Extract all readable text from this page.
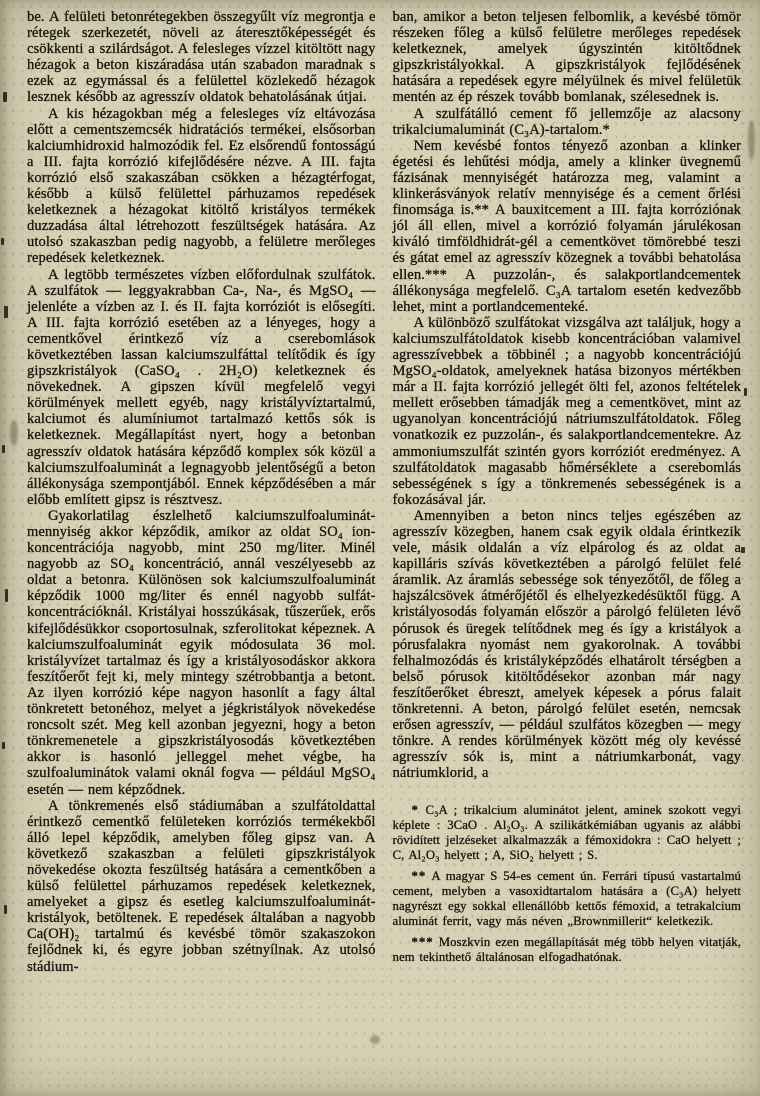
be. A felületi betonrétegekben összegyűlt víz megrontja e rétegek szerkezetét, növeli az áteresztőképességét és csökkenti a szilárdságot. A felesleges vízzel kitöltött nagy hézagok a beton kiszáradása után szabadon maradnak s ezek az egymással és a felülettel közlekedő hézagok lesznek később az agresszív oldatok behatolásának útjai.

A kis hézagokban még a felesleges víz eltávozása előtt a cementszemcsék hidratációs termékei, elsősorban kalciumhidroxid halmozódik fel. Ez elsőrendű fontosságú a III. fajta korrózió kifejlődésére nézve. A III. fajta korrózió első szakaszában csökken a hézagtérfogat, később a külső felülettel párhuzamos repedések keletkeznek a hézagokat kitöltő kristályos termékek duzzadása által létrehozott feszültségek hatására. Az utolsó szakaszban pedig nagyobb, a felületre merőleges repedések keletkeznek.

A legtöbb természetes vízben előfordulnak szulfátok. A szulfátok — leggyakrabban Ca-, Na-, és MgSO₄ — jelenléte a vízben az I. és II. fajta korróziót is elősegíti. A III. fajta korrózió esetében az a lényeges, hogy a cementkővel érintkező víz a cserebomlások következtében lassan kalciumszulfáttal telítődik és így gipszkristályok (CaSO₄ . 2H₂O) keletkeznek és növekednek. A gipszen kívül megfelelő vegyi körülmények mellett egyéb, nagy kristályvíztartalmú, kalciumot és alumíniumot tartalmazó kettős sók is keletkeznek. Megállapítást nyert, hogy a betonban agresszív oldatok hatására képződő komplex sók közül a kalciumszulfoaluminát a legnagyobb jelentőségű a beton állékonysága szempontjából. Ennek képződésében a már előbb említett gipsz is résztvesz.

Gyakorlatilag észlelhető kalciumszulfoaluminát-mennyiség akkor képződik, amikor az oldat SO₄ ion-koncentrációja nagyobb, mint 250 mg/liter. Minél nagyobb az SO₄ koncentráció, annál veszélyesebb az oldat a betonra. Különösen sok kalciumszulfoaluminát képződik 1000 mg/liter és ennél nagyobb sulfát-koncentrációknál. Kristályai hosszúkásak, tűszerűek, erős kifejlődésükkor csoportosulnak, szferolitokat képeznek. A kalciumszulfoaluminát egyik módosulata 36 mol. kristályvízet tartalmaz és így a kristályosodáskor akkora feszítőerőt fejt ki, mely mintegy szétrobbantja a betont. Az ilyen korrózió képe nagyon hasonlít a fagy által tönkretett betonéhoz, melyet a jégkristályok növekedése roncsolt szét. Meg kell azonban jegyezni, hogy a beton tönkremenetele a gipszkristályosodás következtében akkor is hasonló jelleggel mehet végbe, ha szulfoaluminátok valami oknál fogva — például MgSO₄ esetén — nem képződnek.

A tönkremenés első stádiumában a szulfátoldattal érintkező cementkő felületeken korróziós termékekből álló lepel képződik, amelyben főleg gipsz van. A következő szakaszban a felületi gipszkristályok növekedése okozta feszültség hatására a cementkőben a külső felülettel párhuzamos repedések keletkeznek, amelyeket a gipsz és esetleg kalciumszulfoaluminát-kristályok, betöltenek. E repedések általában a nagyobb Ca(OH)₂ tartalmú és kevésbé tömör szakaszokon fejlődnek ki, és egyre jobban szétnyílnak. Az utolsó stádium-

ban, amikor a beton teljesen felbomlik, a kevésbé tömör részeken főleg a külső felületre merőleges repedések keletkeznek, amelyek úgyszintén kitöltődnek gipszkristályokkal. A gipszkristályok fejlődésének hatására a repedések egyre mélyülnek és mivel felületük mentén az ép részek tovább bomlanak, szélesednek is.

A szulfátálló cement fő jellemzője az alacsony trikalciumaluminát (C₃A)-tartalom.*

Nem kevésbé fontos tényező azonban a klinker égetési és lehűtési módja, amely a klinker üvegnemű fázisának mennyiségét határozza meg, valamint a klinkerásványok relatív mennyisége és a cement őrlési finomsága is.** A bauxitcement a III. fajta korróziónak jól áll ellen, mivel a korrózió folyamán járulékosan kiváló timföldhidrát-gél a cementkövet tömörebbé teszi és gátat emel az agresszív közegnek a további behatolása ellen.*** A puzzolán-, és salakportlandcementek állékonysága megfelelő. C₃A tartalom esetén kedvezőbb lehet, mint a portlandcementeké.

A különböző szulfátokat vizsgálva azt találjuk, hogy a kalciumszulfátoldatok kisebb koncentrációban valamivel agresszívebbek a többinél ; a nagyobb koncentrációjú MgSO₄-oldatok, amelyeknek hatása bizonyos mértékben már a II. fajta korrózió jellegét ölti fel, azonos feltételek mellett erősebben támadják meg a cementkövet, mint az ugyanolyan koncentrációjú nátriumszulfátoldatok. Főleg vonatkozik ez puzzolán-, és salakportlandcementekre. Az ammoniumszulfát szintén gyors korróziót eredményez. A szulfátoldatok magasabb hőmérséklete a cserebomlás sebességének s így a tönkremenés sebességének is a fokozásával jár.

Amennyiben a beton nincs teljes egészében az agresszív közegben, hanem csak egyik oldala érintkezik vele, másik oldalán a víz elpárolog és az oldat a kapilláris szívás következtében a párolgó felület felé áramlik. Az áramlás sebessége sok tényezőtől, de főleg a hajszálcsövek átmérőjétől és elhelyezkedésüktől függ. A kristályosodás folyamán először a párolgó felületen lévő pórusok és üregek telítődnek meg és így a kristályok a pórusfalakra nyomást nem gyakorolnak. A további felhalmozódás és kristályképződés elhatárolt térségben a belső pórusok kitöltődésekor azonban már nagy feszítőerőket ébreszt, amelyek képesek a pórus falait tönkretenni. A beton, párolgó felület esetén, nemcsak erősen agresszív, — például szulfátos közegben — megy tönkre. A rendes körülmények között még oly kevéssé agresszív sók is, mint a nátriumkarbonát, vagy nátriumklorid, a

* C₃A ; trikalcium aluminátot jelent, aminek szokott vegyi képlete : 3CaO . Al₂O₃. A szilikátkémiában ugyanis az alábbi rövidített jelzéseket alkalmazzák a fémoxidokra : CaO helyett ; C, Al₂O₃ helyett ; A, SiO₂ helyett ; S.

** A magyar S 54-es cement ún. Ferrári típusú vastartalmú cement, melyben a vasoxidtartalom hatására a (C₃A) helyett nagyrészt egy sokkal ellenállóbb kettős fémoxid, a tetrakalcium aluminát ferrit, vagy más néven „Brownmillerit“ keletkezik.

*** Moszkvin ezen megállapítását még több helyen vitatják, nem tekinthető általánosan elfogadhatónak.
